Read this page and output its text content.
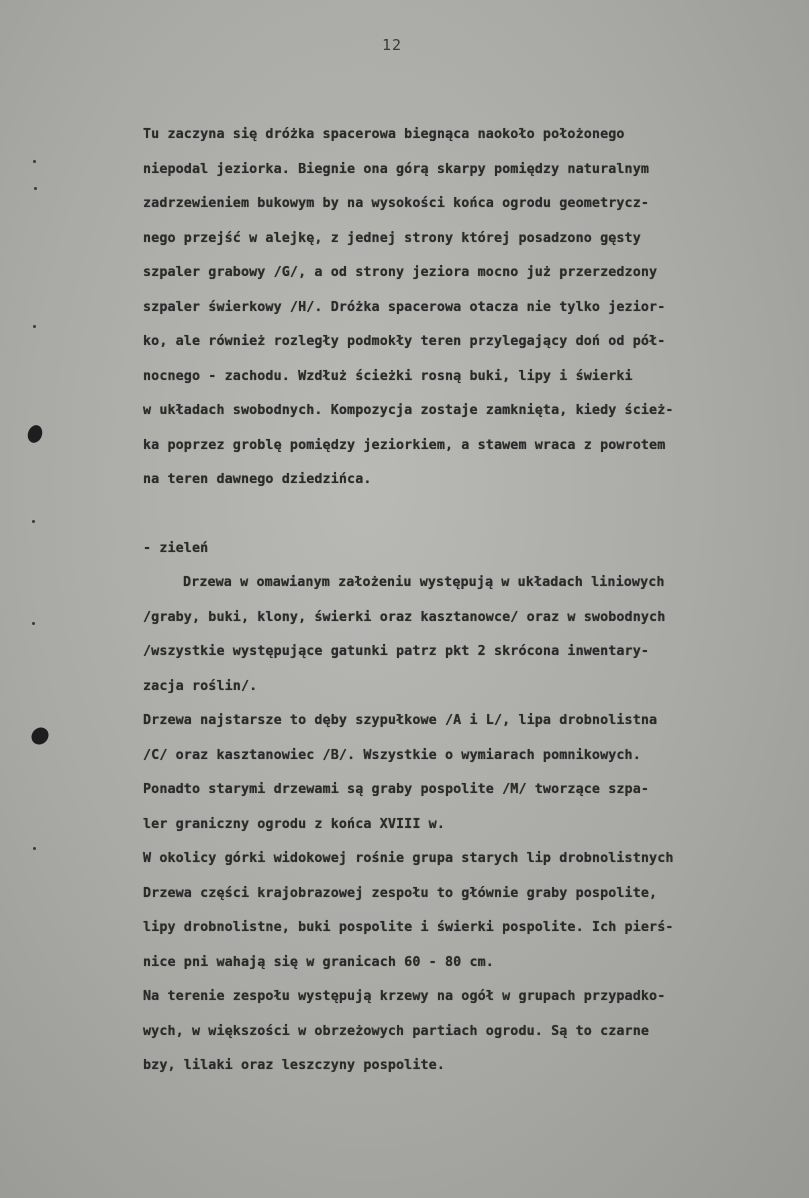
12
Tu zaczyna się dróżka spacerowa biegnąca naokoło położonego
niepodal jeziorka. Biegnie ona górą skarpy pomiędzy naturalnym
zadrzewieniem bukowym by na wysokości końca ogrodu geometrycz-
nego przejść w alejkę, z jednej strony której posadzono gęsty
szpaler grabowy /G/, a od strony jeziora mocno już przerzedzony
szpaler świerkowy /H/. Dróżka spacerowa otacza nie tylko jezior-
ko, ale również rozległy podmokły teren przylegający doń od pół-
nocnego - zachodu. Wzdłuż ścieżki rosną buki, lipy i świerki
w układach swobodnych. Kompozycja zostaje zamknięta, kiedy ścież-
ka poprzez groblę pomiędzy jeziorkiem, a stawem wraca z powrotem
na teren dawnego dziedzińca.
- zieleń
Drzewa w omawianym założeniu występują w układach liniowych
/graby, buki, klony, świerki oraz kasztanowce/ oraz w swobodnych
/wszystkie występujące gatunki patrz pkt 2 skrócona inwentary-
zacja roślin/.
Drzewa najstarsze to dęby szypułkowe /A i L/, lipa drobnolistna
/C/ oraz kasztanowiec /B/. Wszystkie o wymiarach pomnikowych.
Ponadto starymi drzewami są graby pospolite /M/ tworzące szpa-
ler graniczny ogrodu z końca XVIII w.
W okolicy górki widokowej rośnie grupa starych lip drobnolistnych
Drzewa części krajobrazowej zespołu to głównie graby pospolite,
lipy drobnolistne, buki pospolite i świerki pospolite. Ich pierś-
nice pni wahają się w granicach 60 - 80 cm.
Na terenie zespołu występują krzewy na ogół w grupach przypadko-
wych, w większości w obrzeżowych partiach ogrodu. Są to czarne
bzy, lilaki oraz leszczyny pospolite.
